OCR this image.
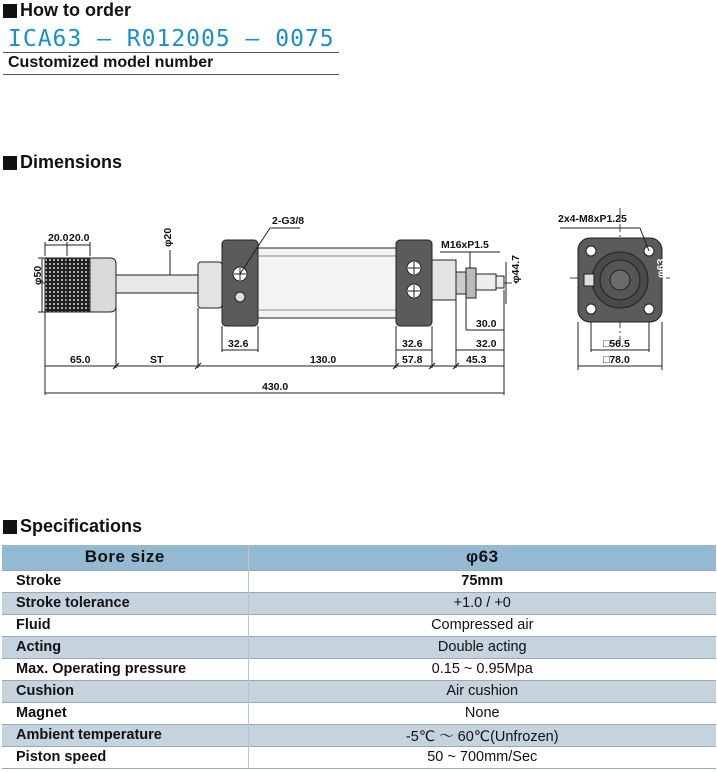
How to order
ICA63 – R012005 – 0075
Customized model number
Dimensions
20.0 20.0
φ50
φ20
2-G3/8
M16xP1.5
φ44.7
30.0
32.0
32.6	32.6
65.0	ST	130.0	57.8	45.3
430.0
2x4-M8xP1.25
φ63
□56.5
□78.0
Specifications
Bore size	φ63
Stroke	75mm
Stroke tolerance	+1.0 / +0
Fluid	Compressed air
Acting	Double acting
Max. Operating pressure	0.15 ~ 0.95Mpa
Cushion	Air cushion
Magnet	None
Ambient temperature	-5℃ ～ 60℃(Unfrozen)
Piston speed	50 ~ 700mm/Sec
